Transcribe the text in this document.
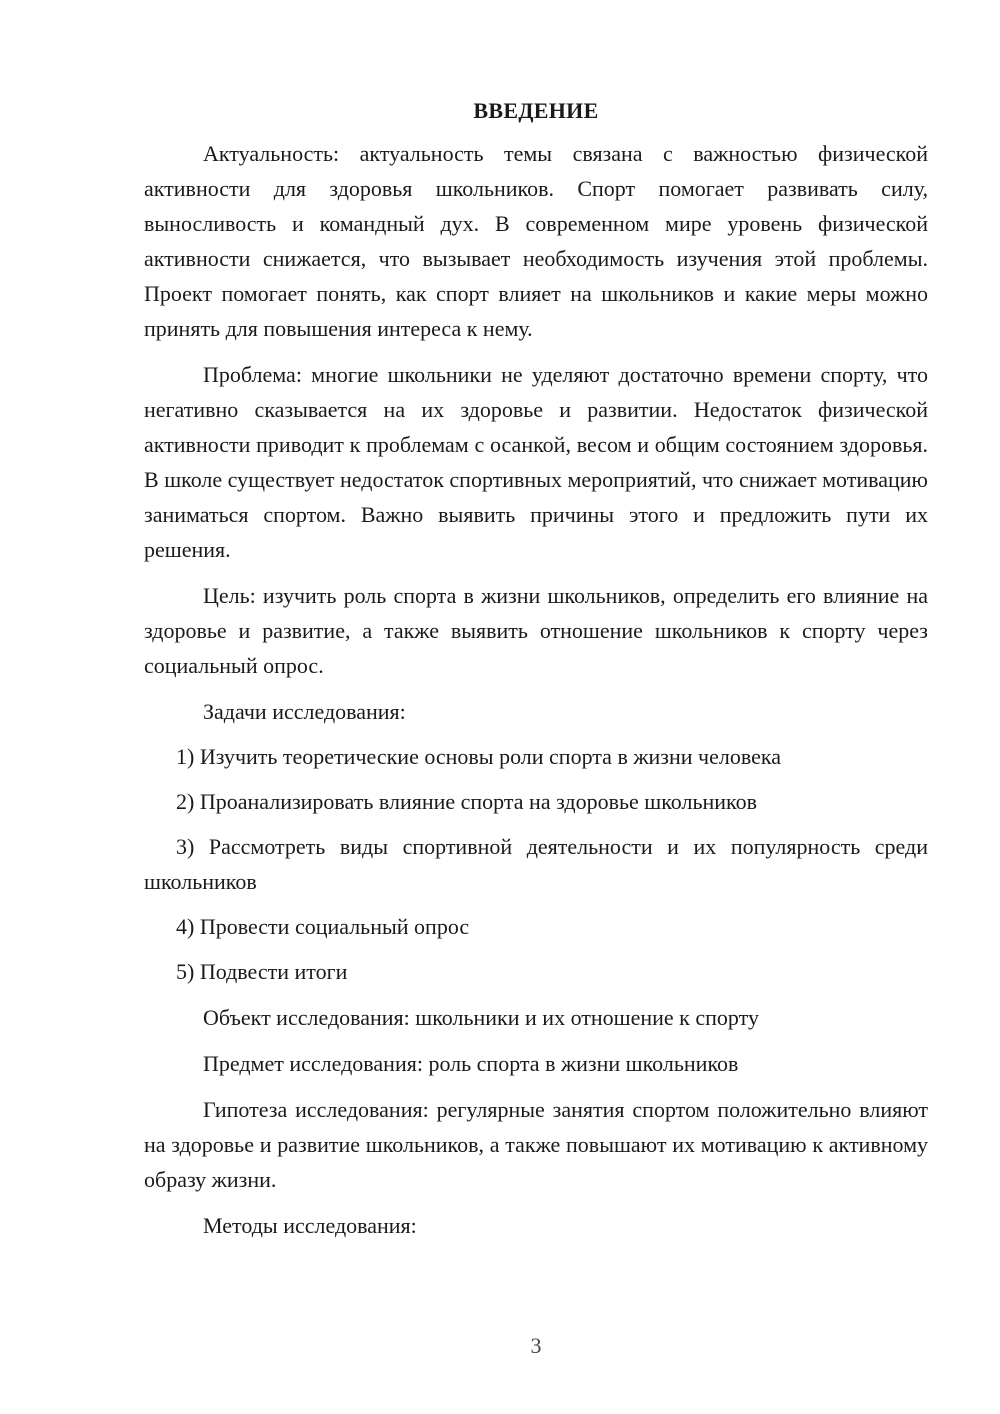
ВВЕДЕНИЕ

Актуальность: актуальность темы связана с важностью физической активности для здоровья школьников. Спорт помогает развивать силу, выносливость и командный дух. В современном мире уровень физической активности снижается, что вызывает необходимость изучения этой проблемы. Проект помогает понять, как спорт влияет на школьников и какие меры можно принять для повышения интереса к нему.

Проблема: многие школьники не уделяют достаточно времени спорту, что негативно сказывается на их здоровье и развитии. Недостаток физической активности приводит к проблемам с осанкой, весом и общим состоянием здоровья. В школе существует недостаток спортивных мероприятий, что снижает мотивацию заниматься спортом. Важно выявить причины этого и предложить пути их решения.

Цель: изучить роль спорта в жизни школьников, определить его влияние на здоровье и развитие, а также выявить отношение школьников к спорту через социальный опрос.

Задачи исследования:

1) Изучить теоретические основы роли спорта в жизни человека

2) Проанализировать влияние спорта на здоровье школьников

3) Рассмотреть виды спортивной деятельности и их популярность среди школьников

4) Провести социальный опрос

5) Подвести итоги

Объект исследования: школьники и их отношение к спорту

Предмет исследования: роль спорта в жизни школьников

Гипотеза исследования: регулярные занятия спортом положительно влияют на здоровье и развитие школьников, а также повышают их мотивацию к активному образу жизни.

Методы исследования:

3
